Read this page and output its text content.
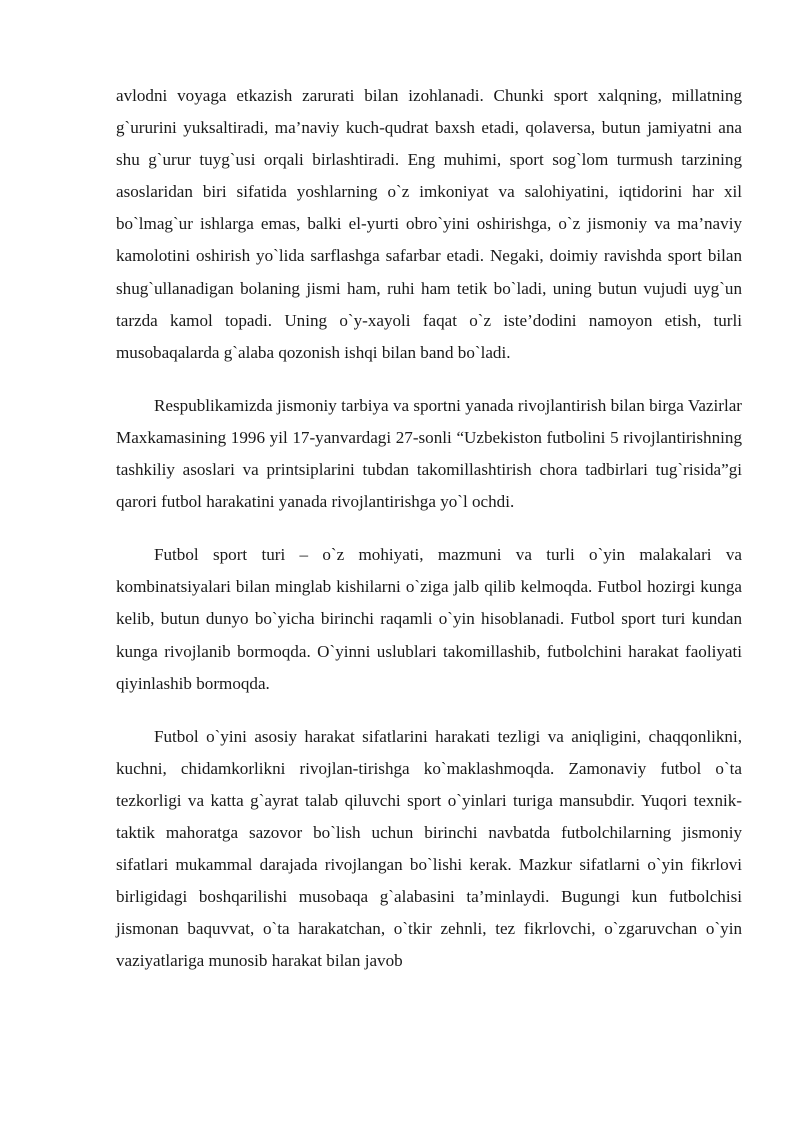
avlodni voyaga etkazish zarurati bilan izohlanadi. Chunki sport xalqning, millatning g`ururini yuksaltiradi, ma’naviy kuch-qudrat baxsh etadi, qolaversa, butun jamiyatni ana shu g`urur tuyg`usi orqali birlashtiradi. Eng muhimi, sport sog`lom turmush tarzining asoslaridan biri sifatida yoshlarning o`z imkoniyat va salohiyatini, iqtidorini har xil bo`lmag`ur ishlarga emas, balki el-yurti obro`yini oshirishga, o`z jismoniy va ma’naviy kamolotini oshirish yo`lida sarflashga safarbar etadi. Negaki, doimiy ravishda sport bilan shug`ullanadigan bolaning jismi ham, ruhi ham tetik bo`ladi, uning butun vujudi uyg`un tarzda kamol topadi. Uning o`y-xayoli faqat o`z iste’dodini namoyon etish, turli musobaqalarda g`alaba qozonish ishqi bilan band bo`ladi.

Respublikamizda jismoniy tarbiya va sportni yanada rivojlantirish bilan birga Vazirlar Maxkamasining 1996 yil 17-yanvardagi 27-sonli “Uzbekiston futbolini 5 rivojlantirishning tashkiliy asoslari va printsiplarini tubdan takomillashtirish chora tadbirlari tug`risida”gi qarori futbol harakatini yanada rivojlantirishga yo`l ochdi.

Futbol sport turi – o`z mohiyati, mazmuni va turli o`yin malakalari va kombinatsiyalari bilan minglab kishilarni o`ziga jalb qilib kelmoqda. Futbol hozirgi kunga kelib, butun dunyo bo`yicha birinchi raqamli o`yin hisoblanadi. Futbol sport turi kundan kunga rivojlanib bormoqda. O`yinni uslublari takomillashib, futbolchini harakat faoliyati qiyinlashib bormoqda.

Futbol o`yini asosiy harakat sifatlarini harakati tezligi va aniqligini, chaqqonlikni, kuchni, chidamkorlikni rivojlan-tirishga ko`maklashmoqda. Zamonaviy futbol o`ta tezkorligi va katta g`ayrat talab qiluvchi sport o`yinlari turiga mansubdir. Yuqori texnik-taktik mahoratga sazovor bo`lish uchun birinchi navbatda futbolchilarning jismoniy sifatlari mukammal darajada rivojlangan bo`lishi kerak. Mazkur sifatlarni o`yin fikrlovi birligidagi boshqarilishi musobaqa g`alabasini ta’minlaydi. Bugungi kun futbolchisi jismonan baquvvat, o`ta harakatchan, o`tkir zehnli, tez fikrlovchi, o`zgaruvchan o`yin vaziyatlariga munosib harakat bilan javob
